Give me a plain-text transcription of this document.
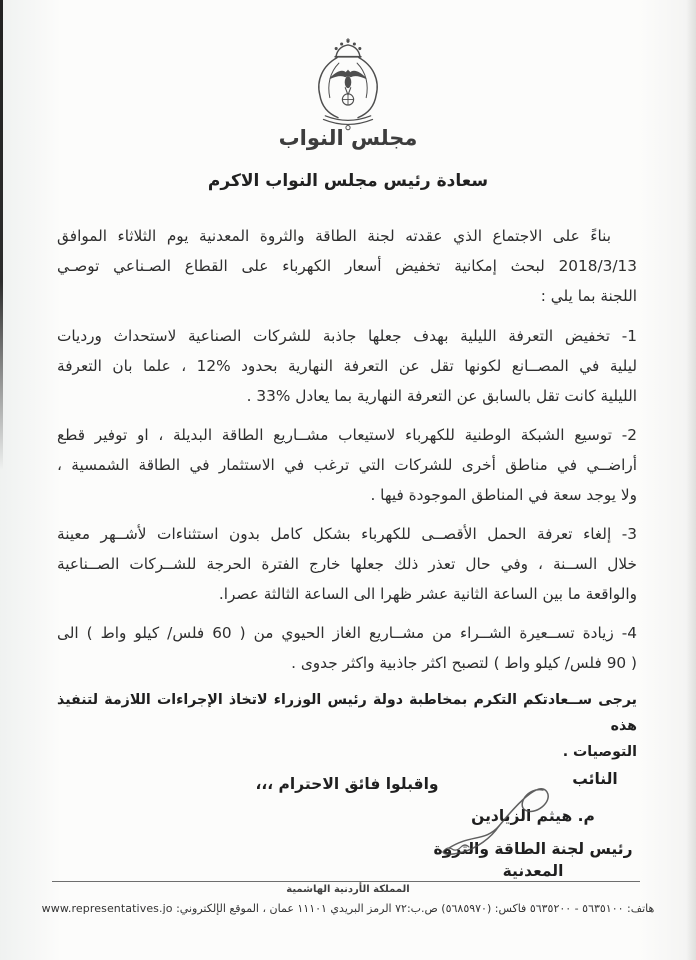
مجلس النواب
سعادة رئيس مجلس النواب الاكرم
بناءً على الاجتماع الذي عقدته لجنة الطاقة والثروة المعدنية يوم الثلاثاء الموافق
2018/3/13 لبحث إمكانية تخفيض أسعار الكهرباء على القطاع الصـناعي توصـي
اللجنة بما يلي :
1- تخفيض التعرفة الليلية بهدف جعلها جاذبة للشركات الصناعية لاستحداث ورديات
ليلية في المصــانع لكونها تقل عن التعرفة النهارية بحدود %12 ، علما بان التعرفة
الليلية كانت تقل بالسابق عن التعرفة النهارية بما يعادل %33 .
2- توسيع الشبكة الوطنية للكهرباء لاستيعاب مشــاريع الطاقة البديلة ، او توفير قطع
أراضــي في مناطق أخرى للشركات التي ترغب في الاستثمار في الطاقة الشمسية ،
ولا يوجد سعة في المناطق الموجودة فيها .
3- إلغاء تعرفة الحمل الأقصــى للكهرباء بشكل كامل بدون استثناءات لأشــهر معينة
خلال الســنة ، وفي حال تعذر ذلك جعلها خارج الفترة الحرجة للشــركات الصــناعية
والواقعة ما بين الساعة الثانية عشر ظهرا الى الساعة الثالثة عصرا.
4- زيادة تســعيرة الشــراء من مشــاريع الغاز الحيوي من ( 60 فلس/ كيلو واط ) الى
( 90 فلس/ كيلو واط ) لتصبح اكثر جاذبية واكثر جدوى .
يرجى ســعادتكم التكرم بمخاطبة دولة رئيس الوزراء لاتخاذ الإجراءات اللازمة لتنفيذ هذه
التوصيات .
واقبلوا فائق الاحترام ،،،	النائب
م. هيثم الزيادين
رئيس لجنة الطاقة والثروة المعدنية
المملكة الأردنية الهاشمية
هاتف: ٥٦٣٥١٠٠ - ٥٦٣٥٢٠٠ فاكس: (٥٦٨٥٩٧٠) ص.ب:٧٢ الرمز البريدي ١١١٠١ عمان ، الموقع الإلكتروني: www.representatives.jo
